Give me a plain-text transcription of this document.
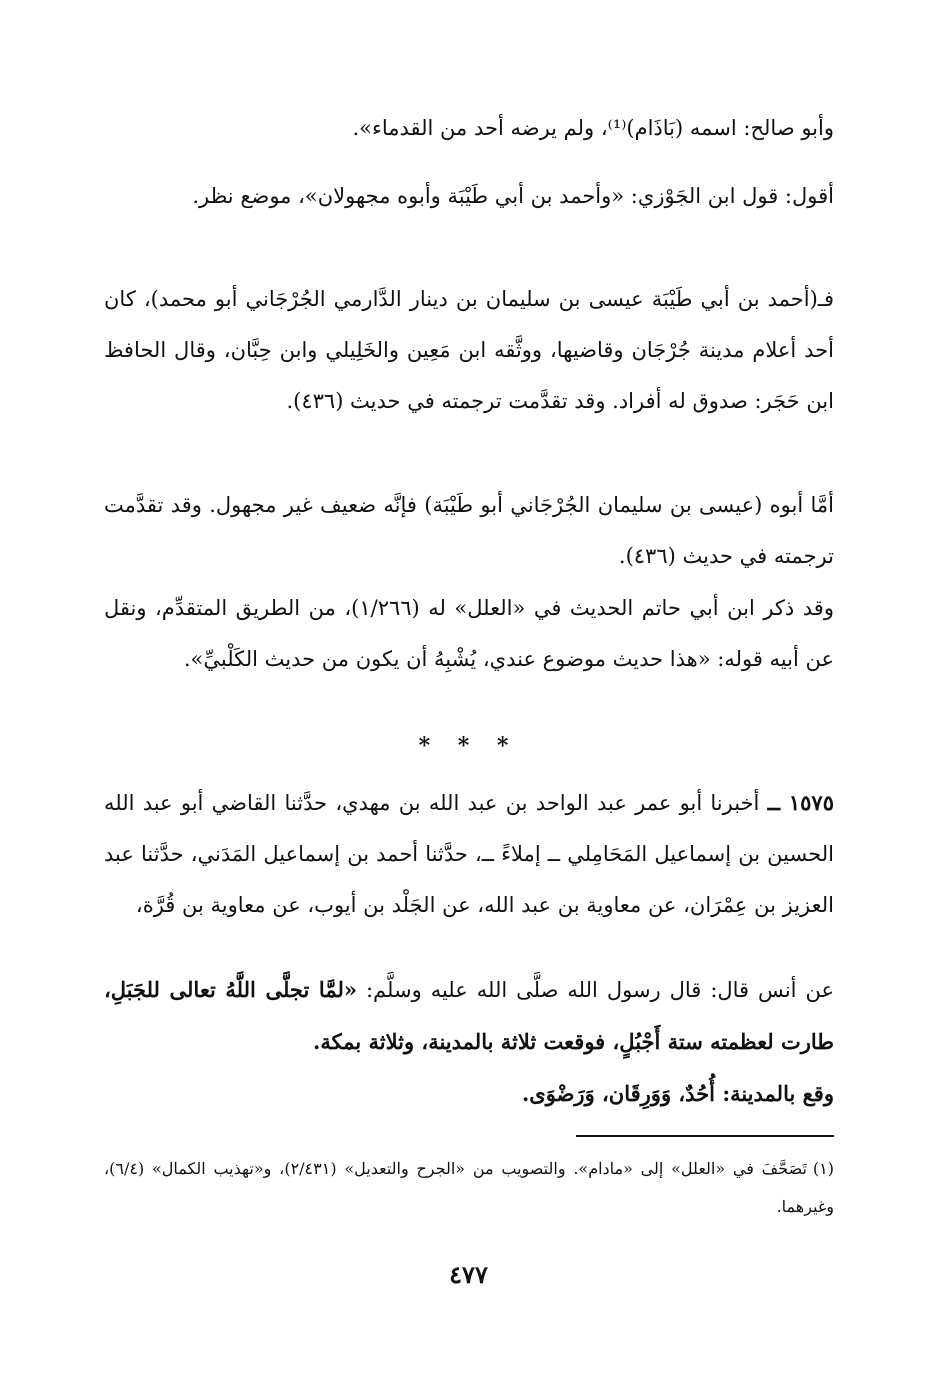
وأبو صالح: اسمه (بَاذَام)⁽¹⁾، ولم يرضه أحد من القدماء».

أقول: قول ابن الجَوْزي: «وأحمد بن أبي طَيْبَة وأبوه مجهولان»، موضع نظر.

فـ(أحمد بن أبي طَيْبَة عيسى بن سليمان بن دينار الدَّارمي الجُرْجَاني أبو محمد)، كان أحد أعلام مدينة جُرْجَان وقاضيها، ووثَّقه ابن مَعِين والخَلِيلي وابن حِبَّان، وقال الحافظ ابن حَجَر: صدوق له أفراد. وقد تقدَّمت ترجمته في حديث (٤٣٦).

أمَّا أبوه (عيسى بن سليمان الجُرْجَاني أبو طَيْبَة) فإنَّه ضعيف غير مجهول. وقد تقدَّمت ترجمته في حديث (٤٣٦).

وقد ذكر ابن أبي حاتم الحديث في «العلل» له (١/٢٦٦)، من الطريق المتقدِّم، ونقل عن أبيه قوله: «هذا حديث موضوع عندي، يُشْبِهُ أن يكون من حديث الكَلْبيِّ».

* * *

١٥٧٥ ــ أخبرنا أبو عمر عبد الواحد بن عبد الله بن مهدي، حدَّثنا القاضي أبو عبد الله الحسين بن إسماعيل المَحَامِلي ــ إملاءً ــ، حدَّثنا أحمد بن إسماعيل المَدَني، حدَّثنا عبد العزيز بن عِمْرَان، عن معاوية بن عبد الله، عن الجَلْد بن أيوب، عن معاوية بن قُرَّة،

عن أنس قال: قال رسول الله صلَّى الله عليه وسلَّم: «لمَّا تجلَّى اللَّهُ تعالى للجَبَلِ، طارت لعظمته ستة أَجْبُلٍ، فوقعت ثلاثة بالمدينة، وثلاثة بمكة.

وقع بالمدينة: أُحُدٌ، وَوَرِقَان، وَرَضْوَى.

(١)تَصَحَّفَ في «العلل» إلى «مادام». والتصويب من «الجرح والتعديل» (٢/٤٣١)، و«تهذيب الكمال» (٦/٤)، وغيرهما.

٤٧٧
